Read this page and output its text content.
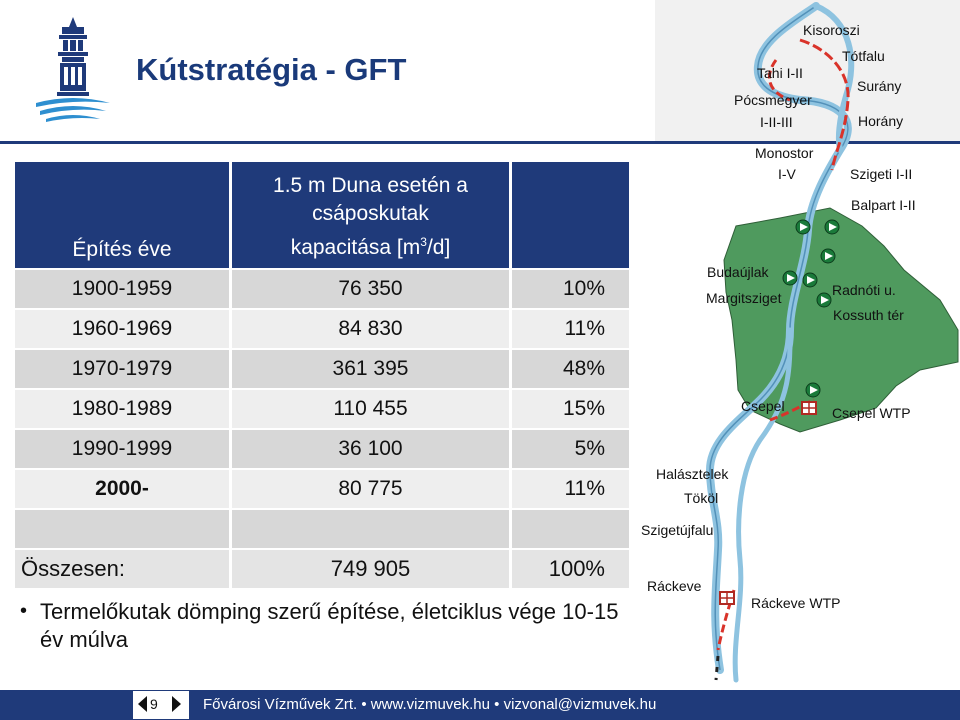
Kútstratégia - GFT
Építés éve	1.5 m Duna esetén a
csáposkutak
kapacitása $[m^3/d]$	
1900-1959	76 350	10%
1960-1969	84 830	11%
1970-1979	361 395	48%
1980-1989	110 455	15%
1990-1999	36 100	5%
2000-	80 775	11%

Összesen:	749 905	100%
• Termelőkutak dömping szerű építése, életciklus vége 10-15 év múlva
Kisoroszi
Tótfalu
Tahi I-II
Surány
Pócsmegyer
I-II-III	Horány
Monostor
I-V	Szigeti I-II
Balpart I-II
Budaújlak
Radnóti u.
Margitsziget
Kossuth tér
Csepel	Csepel WTP
Halásztelek
Tököl
Szigetújfalu
Ráckeve
Ráckeve WTP
9	Fővárosi Vízművek Zrt. • www.vizmuvek.hu • vizvonal@vizmuvek.hu
